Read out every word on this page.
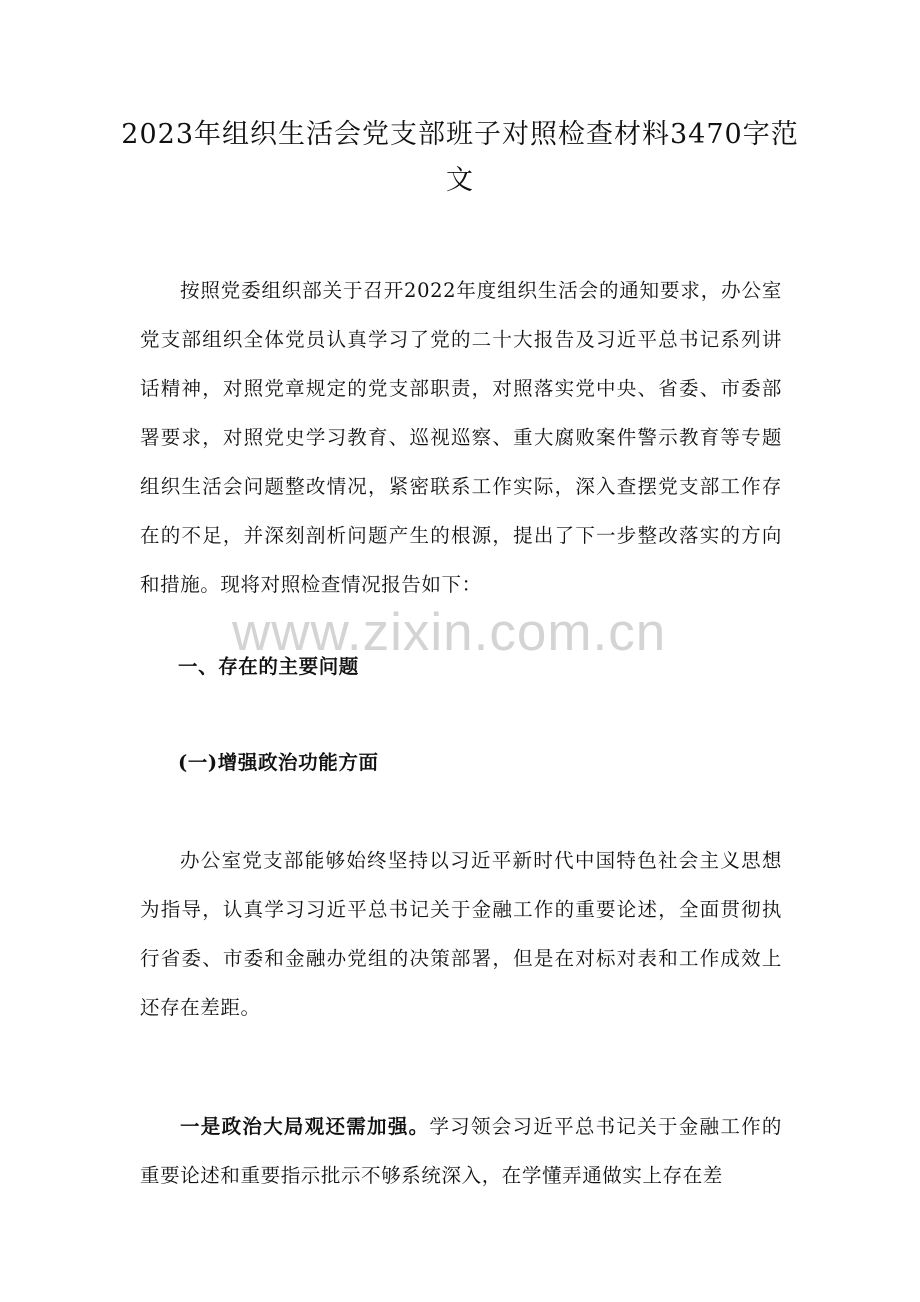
2023年组织生活会党支部班子对照检查材料3470字范文

按照党委组织部关于召开2022年度组织生活会的通知要求，办公室党支部组织全体党员认真学习了党的二十大报告及习近平总书记系列讲话精神，对照党章规定的党支部职责，对照落实党中央、省委、市委部署要求，对照党史学习教育、巡视巡察、重大腐败案件警示教育等专题组织生活会问题整改情况，紧密联系工作实际，深入查摆党支部工作存在的不足，并深刻剖析问题产生的根源，提出了下一步整改落实的方向和措施。现将对照检查情况报告如下：

www.zixin.com.cn

一、存在的主要问题

(一)增强政治功能方面

办公室党支部能够始终坚持以习近平新时代中国特色社会主义思想为指导，认真学习习近平总书记关于金融工作的重要论述，全面贯彻执行省委、市委和金融办党组的决策部署，但是在对标对表和工作成效上还存在差距。

一是政治大局观还需加强。学习领会习近平总书记关于金融工作的重要论述和重要指示批示不够系统深入，在学懂弄通做实上存在差
